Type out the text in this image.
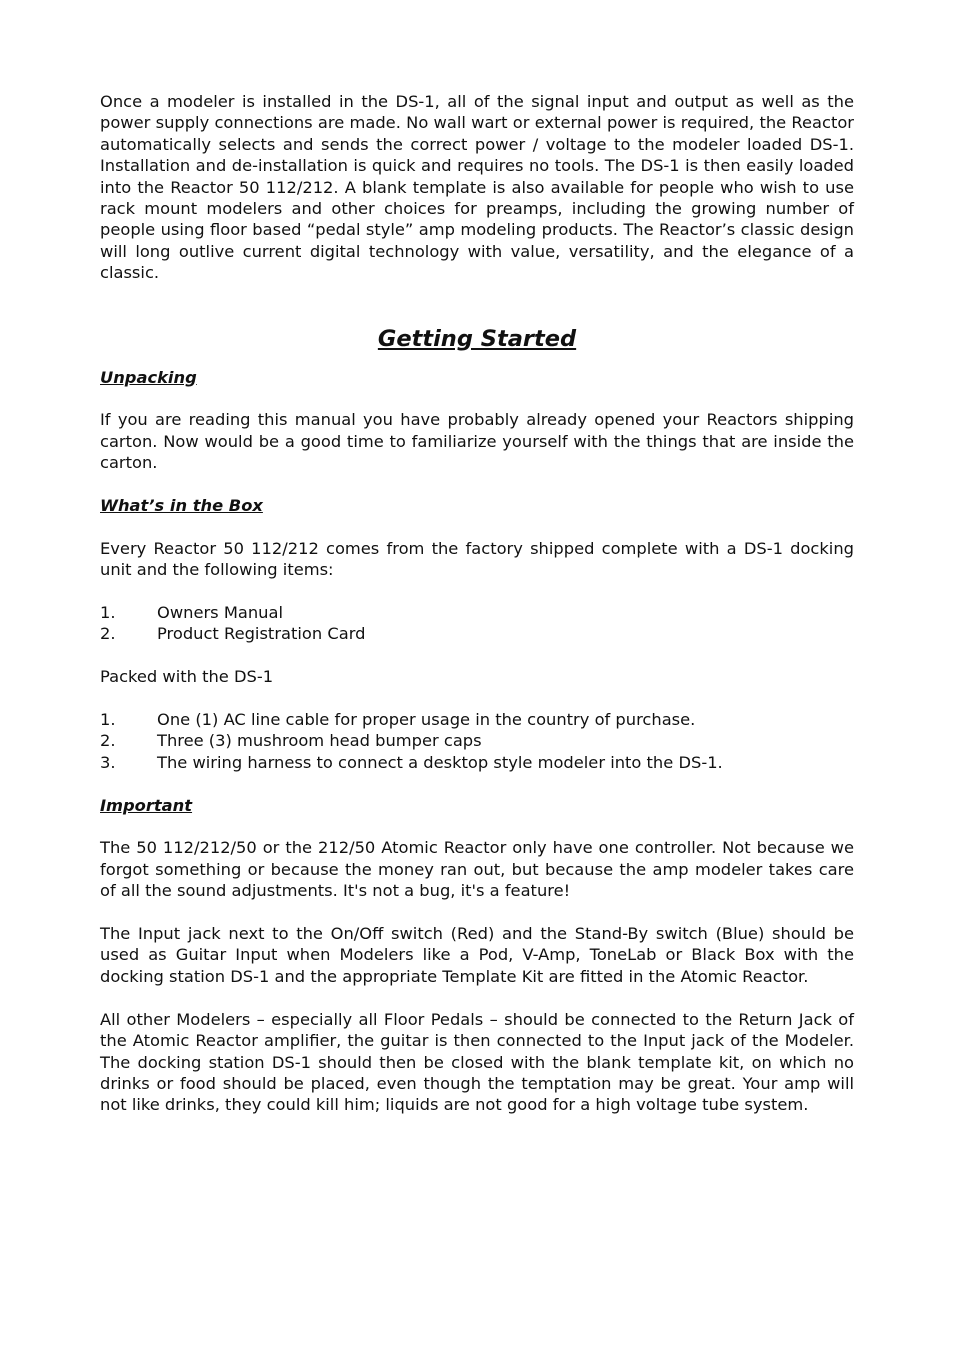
Once a modeler is installed in the DS-1, all of the signal input and output as well as the power supply connections are made. No wall wart or external power is required, the Reactor automatically selects and sends the correct power / voltage to the modeler loaded DS-1. Installation and de-installation is quick and requires no tools. The DS-1 is then easily loaded into the Reactor 50 112/212. A blank template is also available for people who wish to use rack mount modelers and other choices for preamps, including the growing number of people using floor based “pedal style” amp modeling products. The Reactor’s classic design will long outlive current digital technology with value, versatility, and the elegance of a classic.

Getting Started
Unpacking

If you are reading this manual you have probably already opened your Reactors shipping carton. Now would be a good time to familiarize yourself with the things that are inside the carton.

What’s in the Box

Every Reactor 50 112/212 comes from the factory shipped complete with a DS-1 docking unit and the following items:

1.	Owners Manual
2.	Product Registration Card

Packed with the DS-1

1.	One (1) AC line cable for proper usage in the country of purchase.
2.	Three (3) mushroom head bumper caps
3.	The wiring harness to connect a desktop style modeler into the DS-1.
Important

The 50 112/212/50 or the 212/50 Atomic Reactor only have one controller. Not because we forgot something or because the money ran out, but because the amp modeler takes care of all the sound adjustments. It's not a bug, it's a feature!

The Input jack next to the On/Off switch (Red) and the Stand-By switch (Blue) should be used as Guitar Input when Modelers like a Pod, V-Amp, ToneLab or Black Box with the docking station DS-1 and the appropriate Template Kit are fitted in the Atomic Reactor.

All other Modelers – especially all Floor Pedals – should be connected to the Return Jack of the Atomic Reactor amplifier, the guitar is then connected to the Input jack of the Modeler. The docking station DS-1 should then be closed with the blank template kit, on which no drinks or food should be placed, even though the temptation may be great. Your amp will not like drinks, they could kill him; liquids are not good for a high voltage tube system.
